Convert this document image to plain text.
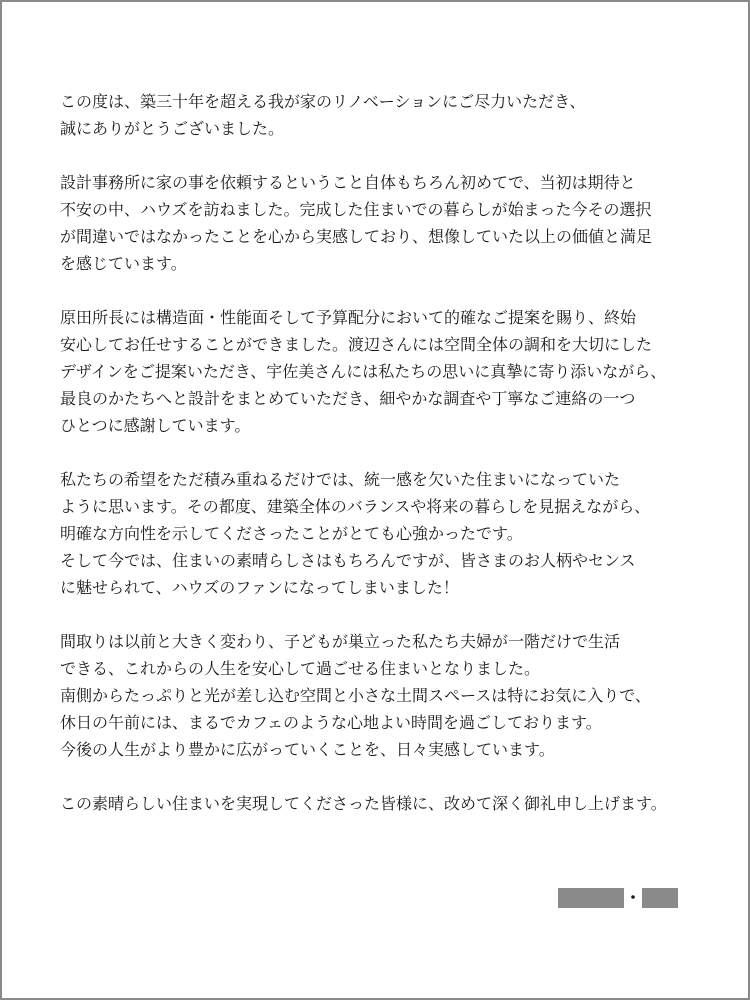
この度は、築三十年を超える我が家のリノベーションにご尽力いただき、
誠にありがとうございました。

設計事務所に家の事を依頼するということ自体もちろん初めてで、当初は期待と
不安の中、ハウズを訪ねました。完成した住まいでの暮らしが始まった今その選択
が間違いではなかったことを心から実感しており、想像していた以上の価値と満足
を感じています。

原田所長には構造面・性能面そして予算配分において的確なご提案を賜り、終始
安心してお任せすることができました。渡辺さんには空間全体の調和を大切にした
デザインをご提案いただき、宇佐美さんには私たちの思いに真摯に寄り添いながら、
最良のかたちへと設計をまとめていただき、細やかな調査や丁寧なご連絡の一つ
ひとつに感謝しています。

私たちの希望をただ積み重ねるだけでは、統一感を欠いた住まいになっていた
ように思います。その都度、建築全体のバランスや将来の暮らしを見据えながら、
明確な方向性を示してくださったことがとても心強かったです。
そして今では、住まいの素晴らしさはもちろんですが、皆さまのお人柄やセンス
に魅せられて、ハウズのファンになってしまいました！

間取りは以前と大きく変わり、子どもが巣立った私たち夫婦が一階だけで生活
できる、これからの人生を安心して過ごせる住まいとなりました。
南側からたっぷりと光が差し込む空間と小さな土間スペースは特にお気に入りで、
休日の午前には、まるでカフェのような心地よい時間を過ごしております。
今後の人生がより豊かに広がっていくことを、日々実感しています。

この素晴らしい住まいを実現してくださった皆様に、改めて深く御礼申し上げます。

・
